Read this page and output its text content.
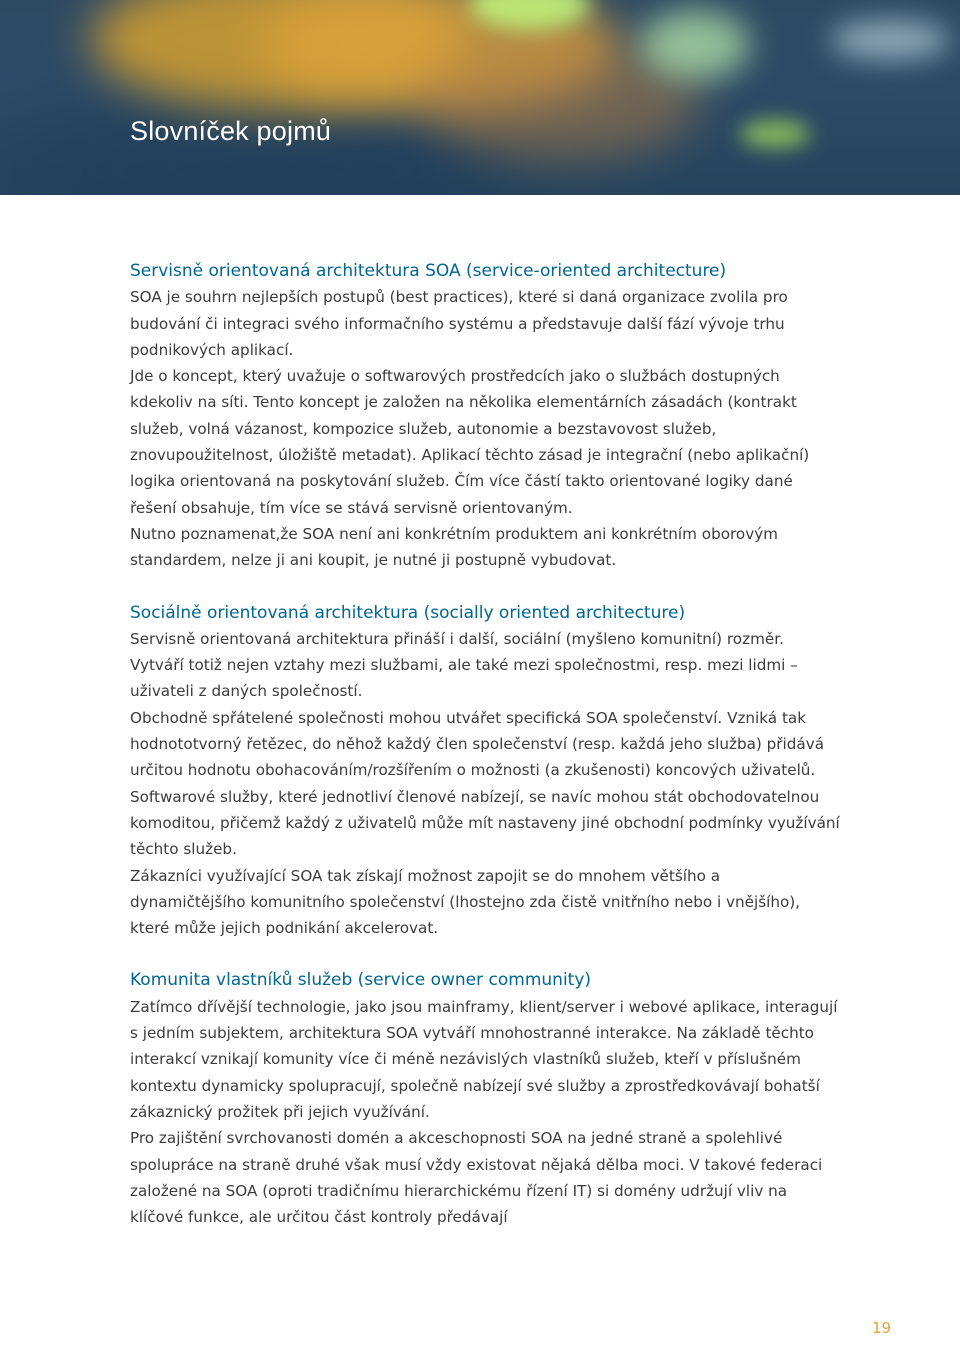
Slovníček pojmů
Servisně orientovaná architektura SOA (service-oriented architecture)

SOA je souhrn nejlepších postupů (best practices), které si daná organizace zvolila pro budování či integraci svého informačního systému a představuje další fází vývoje trhu podnikových aplikací.

Jde o koncept, který uvažuje o softwarových prostředcích jako o službách dostupných kdekoliv na síti. Tento koncept je založen na několika elementárních zásadách (kontrakt služeb, volná vázanost, kompozice služeb, autonomie a bezstavovost služeb, znovupoužitelnost, úložiště metadat). Aplikací těchto zásad je integrační (nebo aplikační) logika orientovaná na poskytování služeb. Čím více částí takto orientované logiky dané řešení obsahuje, tím více se stává servisně orientovaným.

Nutno poznamenat,že SOA není ani konkrétním produktem ani konkrétním oborovým standardem, nelze ji ani koupit, je nutné ji postupně vybudovat.

Sociálně orientovaná architektura (socially oriented architecture)

Servisně orientovaná architektura přináší i další, sociální (myšleno komunitní) rozměr. Vytváří totiž nejen vztahy mezi službami, ale také mezi společnostmi, resp. mezi lidmi – uživateli z daných společností.

Obchodně spřátelené společnosti mohou utvářet specifická SOA společenství. Vzniká tak hodnototvorný řetězec, do něhož každý člen společenství (resp. každá jeho služba) přidává určitou hodnotu obohacováním/rozšířením o možnosti (a zkušenosti) koncových uživatelů. Softwarové služby, které jednotliví členové nabízejí, se navíc mohou stát obchodovatelnou komoditou, přičemž každý z uživatelů může mít nastaveny jiné obchodní podmínky využívání těchto služeb.

Zákazníci využívající SOA tak získají možnost zapojit se do mnohem většího a dynamičtějšího komunitního společenství (lhostejno zda čistě vnitřního nebo i vnějšího), které může jejich podnikání akcelerovat.

Komunita vlastníků služeb (service owner community)

Zatímco dřívější technologie, jako jsou mainframy, klient/server i webové aplikace, interagují s jedním subjektem, architektura SOA vytváří mnohostranné interakce. Na základě těchto interakcí vznikají komunity více či méně nezávislých vlastníků služeb, kteří v příslušném kontextu dynamicky spolupracují, společně nabízejí své služby a zprostředkovávají bohatší zákaznický prožitek při jejich využívání.

Pro zajištění svrchovanosti domén a akceschopnosti SOA na jedné straně a spolehlivé spolupráce na straně druhé však musí vždy existovat nějaká dělba moci. V takové federaci založené na SOA (oproti tradičnímu hierarchickému řízení IT) si domény udržují vliv na klíčové funkce, ale určitou část kontroly předávají

19
